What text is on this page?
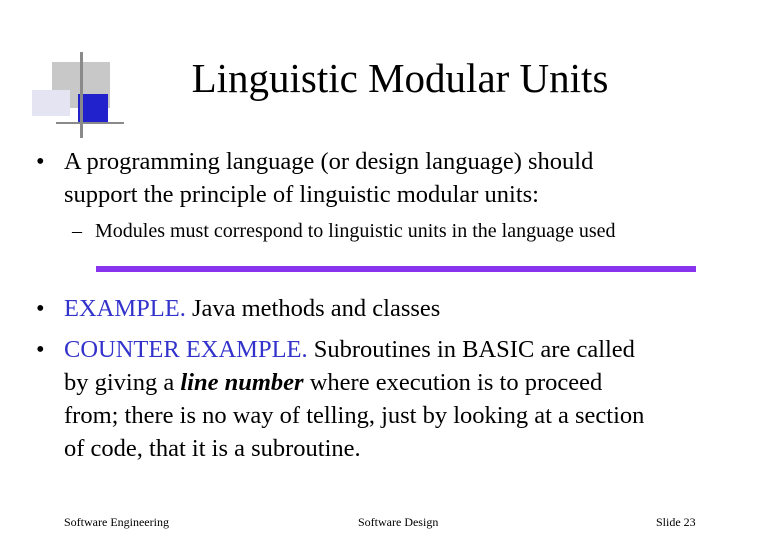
Linguistic Modular Units
• A programming language (or design language) should
support the principle of linguistic modular units:
– Modules must correspond to linguistic units in the language used
• EXAMPLE. Java methods and classes
• COUNTER EXAMPLE. Subroutines in BASIC are called
by giving a line number where execution is to proceed
from; there is no way of telling, just by looking at a section
of code, that it is a subroutine.
Software Engineering	Software Design	Slide 23
